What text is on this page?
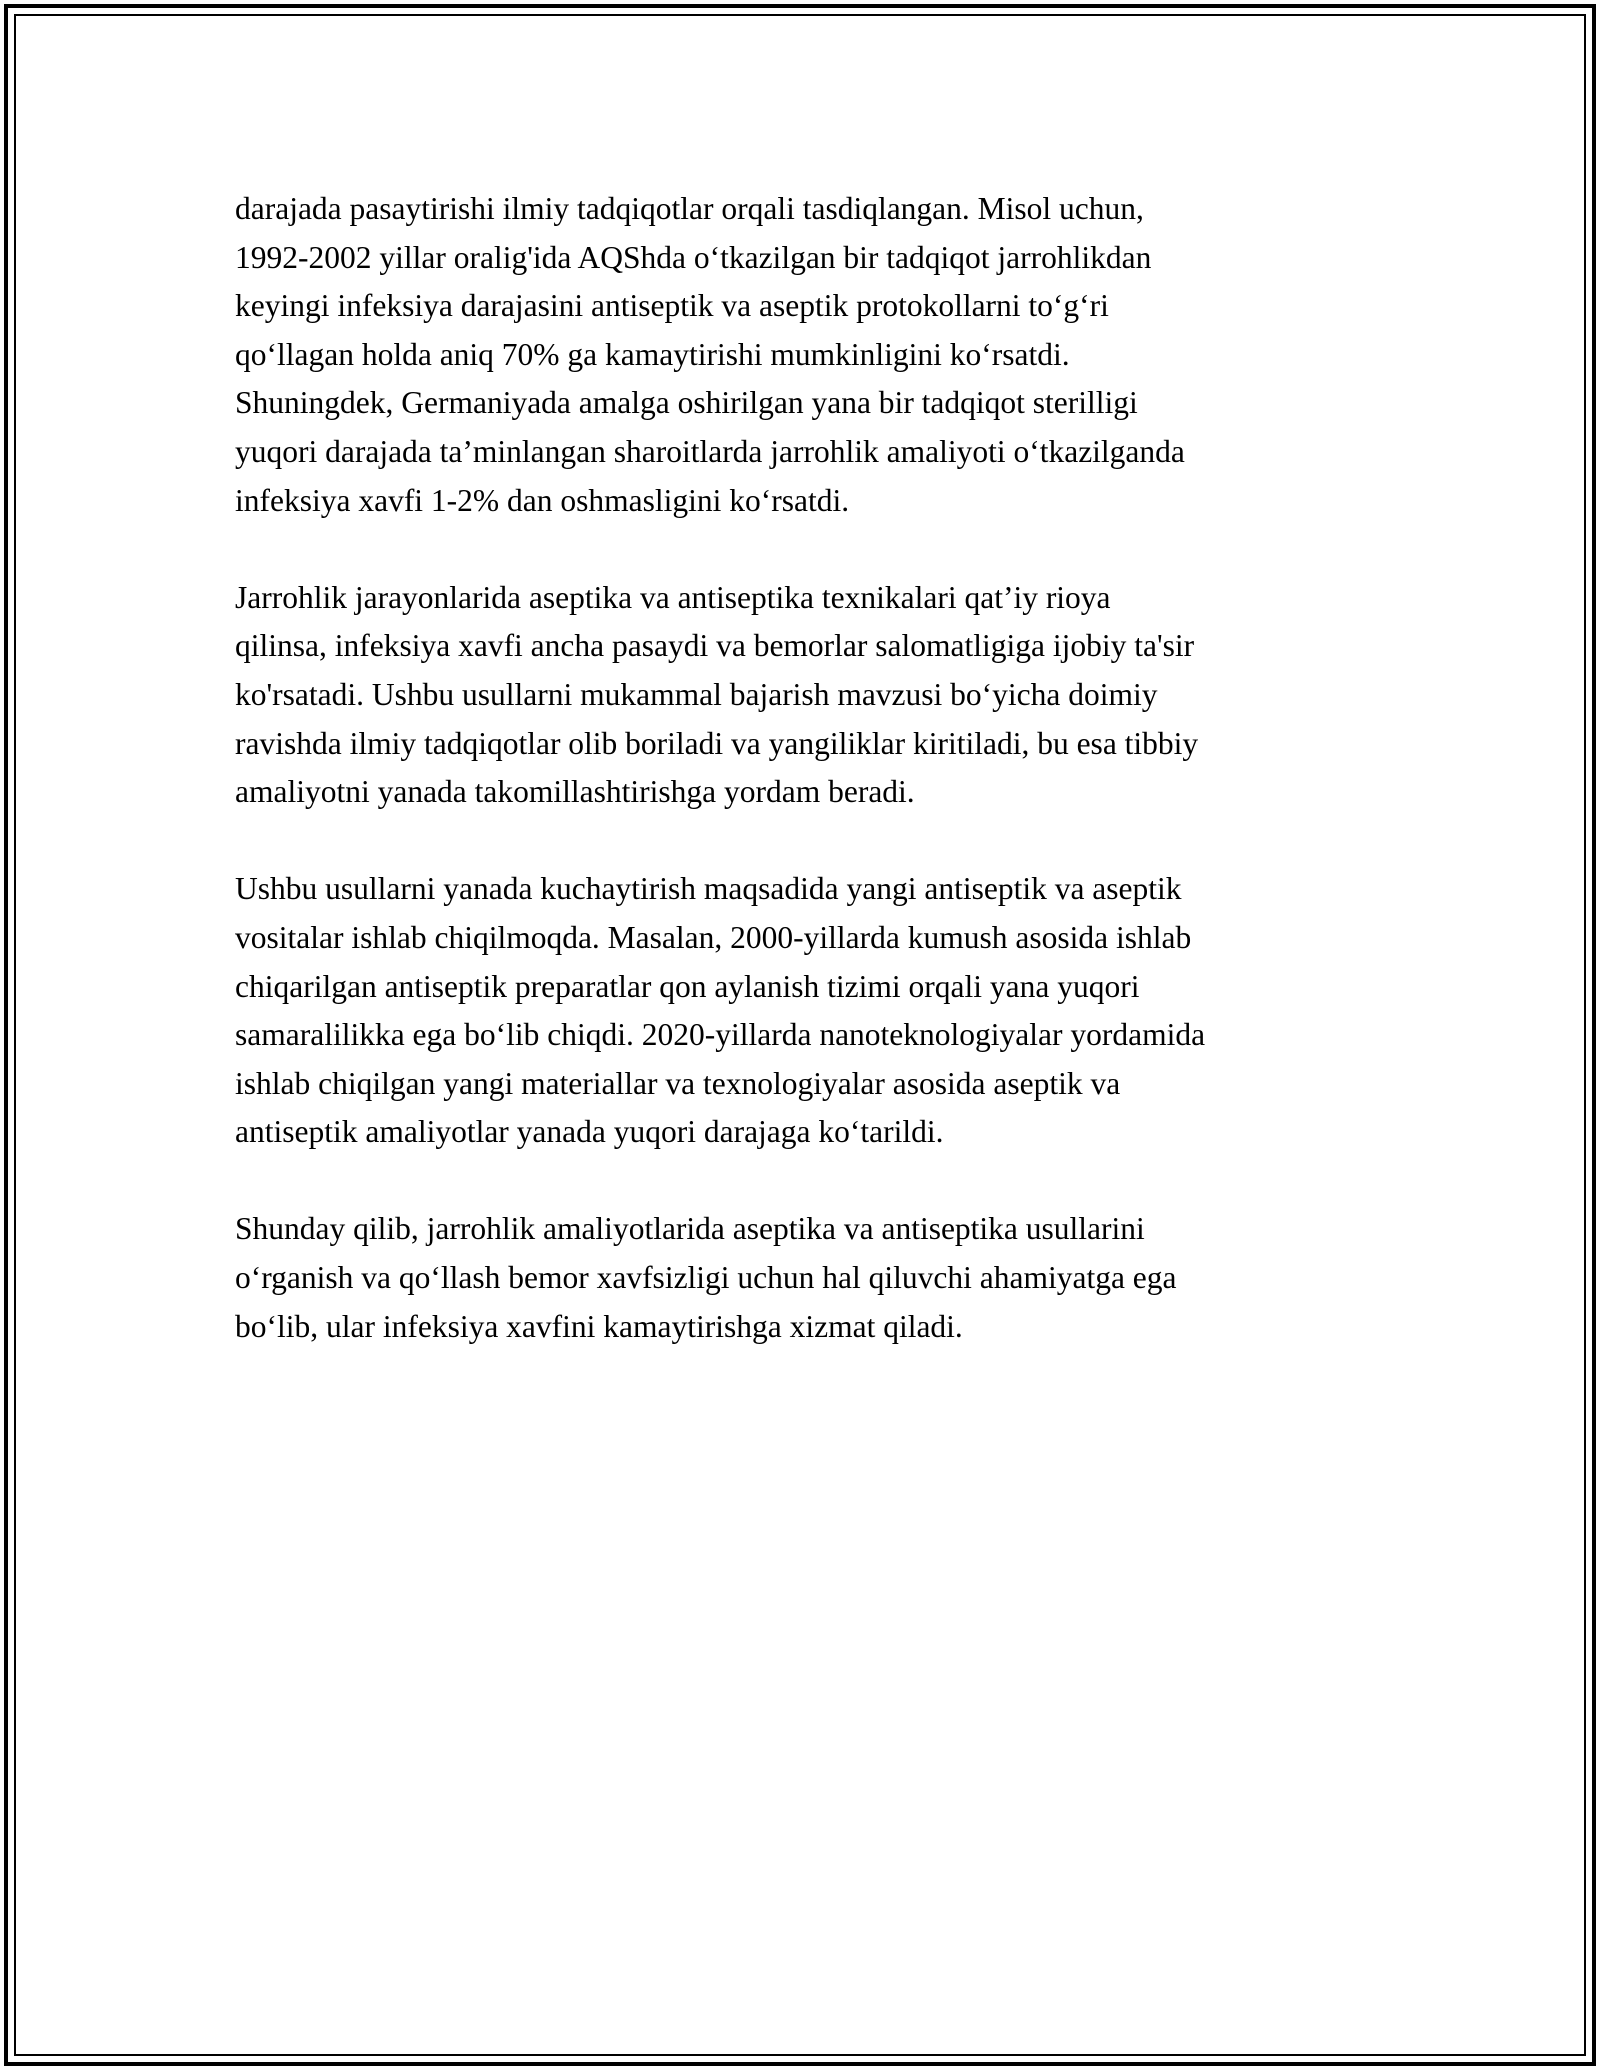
darajada pasaytirishi ilmiy tadqiqotlar orqali tasdiqlangan. Misol uchun,
1992-2002 yillar oralig'ida AQShda o‘tkazilgan bir tadqiqot jarrohlikdan
keyingi infeksiya darajasini antiseptik va aseptik protokollarni to‘g‘ri
qo‘llagan holda aniq 70% ga kamaytirishi mumkinligini ko‘rsatdi.
Shuningdek, Germaniyada amalga oshirilgan yana bir tadqiqot sterilligi
yuqori darajada ta’minlangan sharoitlarda jarrohlik amaliyoti o‘tkazilganda
infeksiya xavfi 1-2% dan oshmasligini ko‘rsatdi.

Jarrohlik jarayonlarida aseptika va antiseptika texnikalari qat’iy rioya
qilinsa, infeksiya xavfi ancha pasaydi va bemorlar salomatligiga ijobiy ta'sir
ko'rsatadi. Ushbu usullarni mukammal bajarish mavzusi bo‘yicha doimiy
ravishda ilmiy tadqiqotlar olib boriladi va yangiliklar kiritiladi, bu esa tibbiy
amaliyotni yanada takomillashtirishga yordam beradi.

Ushbu usullarni yanada kuchaytirish maqsadida yangi antiseptik va aseptik
vositalar ishlab chiqilmoqda. Masalan, 2000-yillarda kumush asosida ishlab
chiqarilgan antiseptik preparatlar qon aylanish tizimi orqali yana yuqori
samaralilikka ega bo‘lib chiqdi. 2020-yillarda nanoteknologiyalar yordamida
ishlab chiqilgan yangi materiallar va texnologiyalar asosida aseptik va
antiseptik amaliyotlar yanada yuqori darajaga ko‘tarildi.

Shunday qilib, jarrohlik amaliyotlarida aseptika va antiseptika usullarini
o‘rganish va qo‘llash bemor xavfsizligi uchun hal qiluvchi ahamiyatga ega
bo‘lib, ular infeksiya xavfini kamaytirishga xizmat qiladi.
